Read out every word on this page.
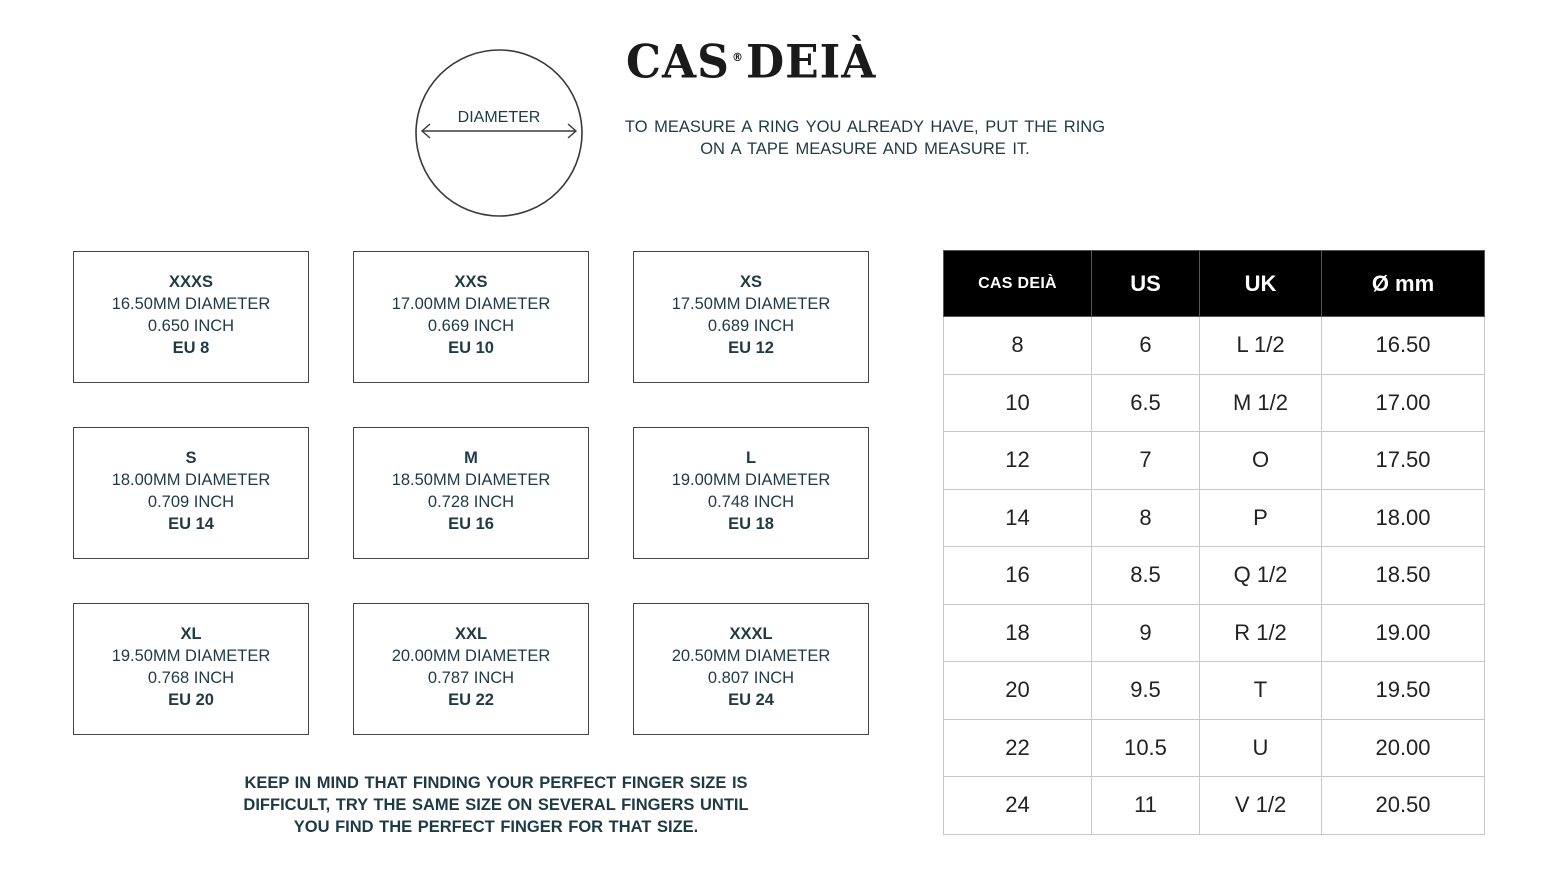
CAS ®DEIÀ
DIAMETER
TO MEASURE A RING YOU ALREADY HAVE, PUT THE RING ON A TAPE MEASURE AND MEASURE IT.
XXXS
16.50MM DIAMETER
0.650 INCH
EU 8
XXS
17.00MM DIAMETER
0.669 INCH
EU 10
XS
17.50MM DIAMETER
0.689 INCH
EU 12
S
18.00MM DIAMETER
0.709 INCH
EU 14
M
18.50MM DIAMETER
0.728 INCH
EU 16
L
19.00MM DIAMETER
0.748 INCH
EU 18
XL
19.50MM DIAMETER
0.768 INCH
EU 20
XXL
20.00MM DIAMETER
0.787 INCH
EU 22
XXXL
20.50MM DIAMETER
0.807 INCH
EU 24
KEEP IN MIND THAT FINDING YOUR PERFECT FINGER SIZE IS DIFFICULT, TRY THE SAME SIZE ON SEVERAL FINGERS UNTIL YOU FIND THE PERFECT FINGER FOR THAT SIZE.
CAS DEIÀ	US	UK	Ø mm
8	6	L 1/2	16.50
10	6.5	M 1/2	17.00
12	7	O	17.50
14	8	P	18.00
16	8.5	Q 1/2	18.50
18	9	R 1/2	19.00
20	9.5	T	19.50
22	10.5	U	20.00
24	11	V 1/2	20.50
